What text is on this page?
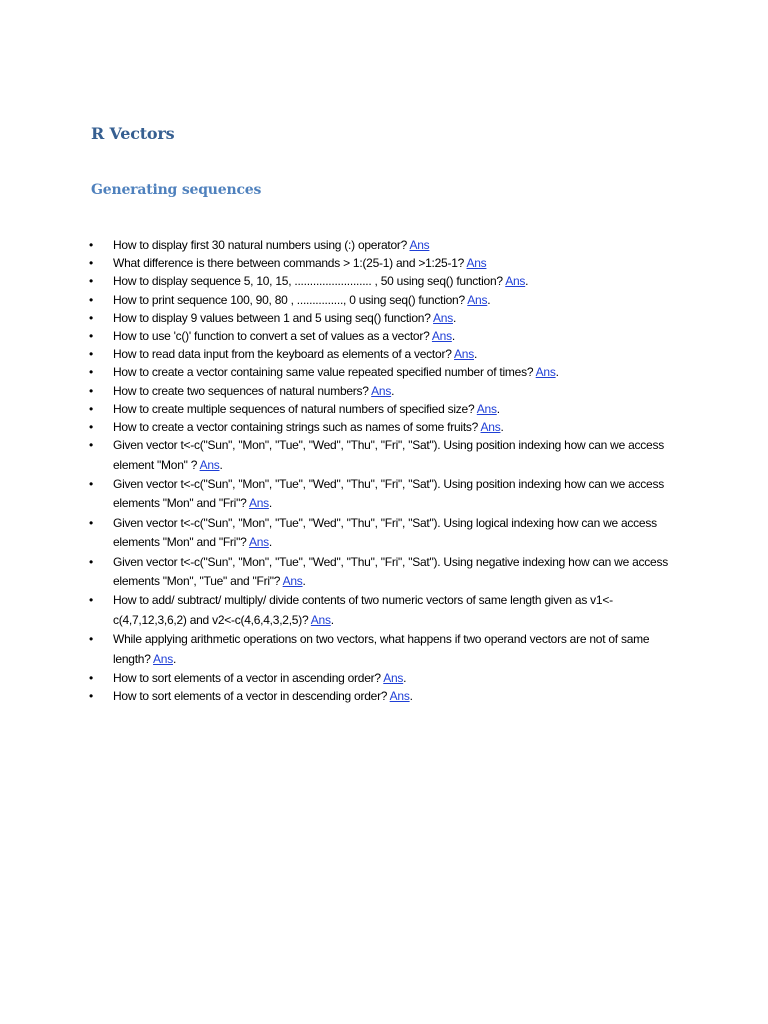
R Vectors
Generating sequences
• How to display first 30 natural numbers using (:) operator? Ans
• What difference is there between commands > 1:(25-1) and >1:25-1? Ans
• How to display sequence 5, 10, 15, ......................... , 50 using seq() function? Ans.
• How to print sequence 100, 90, 80 , ..............., 0 using seq() function? Ans.
• How to display 9 values between 1 and 5 using seq() function? Ans.
• How to use 'c()' function to convert a set of values as a vector? Ans.
• How to read data input from the keyboard as elements of a vector? Ans.
• How to create a vector containing same value repeated specified number of times? Ans.
• How to create two sequences of natural numbers? Ans.
• How to create multiple sequences of natural numbers of specified size? Ans.
• How to create a vector containing strings such as names of some fruits? Ans.
• Given vector t<-c("Sun", "Mon", "Tue", "Wed", "Thu", "Fri", "Sat"). Using position indexing how can we access element "Mon" ? Ans.
• Given vector t<-c("Sun", "Mon", "Tue", "Wed", "Thu", "Fri", "Sat"). Using position indexing how can we access elements "Mon" and "Fri"? Ans.
• Given vector t<-c("Sun", "Mon", "Tue", "Wed", "Thu", "Fri", "Sat"). Using logical indexing how can we access elements "Mon" and "Fri"? Ans.
• Given vector t<-c("Sun", "Mon", "Tue", "Wed", "Thu", "Fri", "Sat"). Using negative indexing how can we access elements "Mon", "Tue" and "Fri"? Ans.
• How to add/ subtract/ multiply/ divide contents of two numeric vectors of same length given as v1<-c(4,7,12,3,6,2) and v2<-c(4,6,4,3,2,5)? Ans.
• While applying arithmetic operations on two vectors, what happens if two operand vectors are not of same length? Ans.
• How to sort elements of a vector in ascending order? Ans.
• How to sort elements of a vector in descending order? Ans.
